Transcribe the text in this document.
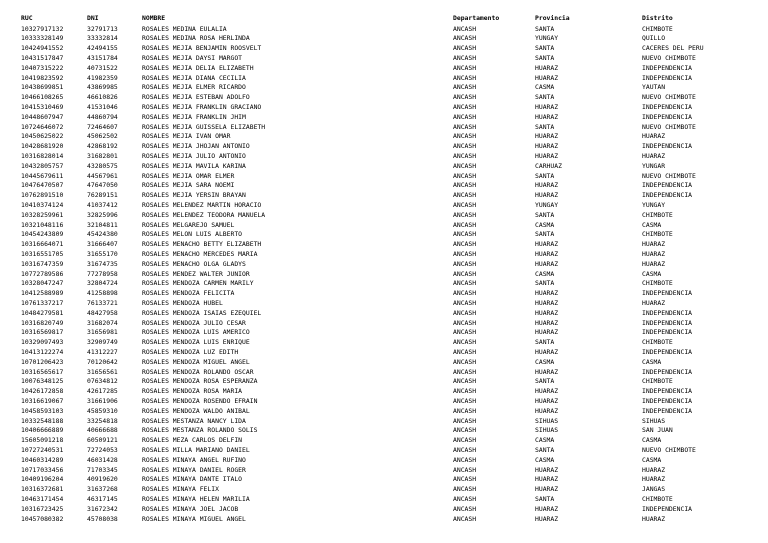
RUC	DNI	NOMBRE	Departamento	Provincia	Distrito
10327917132	32791713	ROSALES MEDINA EULALIA	ANCASH	SANTA	CHIMBOTE
10333328149	33332814	ROSALES MEDINA ROSA HERLINDA	ANCASH	YUNGAY	QUILLO
10424941552	42494155	ROSALES MEJIA BENJAMIN ROOSVELT	ANCASH	SANTA	CACERES DEL PERU
10431517847	43151784	ROSALES MEJIA DAYSI MARGOT	ANCASH	SANTA	NUEVO CHIMBOTE
10407315222	40731522	ROSALES MEJIA DELIA ELIZABETH	ANCASH	HUARAZ	INDEPENDENCIA
10419823592	41982359	ROSALES MEJIA DIANA CECILIA	ANCASH	HUARAZ	INDEPENDENCIA
10438699851	43869985	ROSALES MEJIA ELMER RICARDO	ANCASH	CASMA	YAUTAN
10466108265	46610826	ROSALES MEJIA ESTEBAN ADOLFO	ANCASH	SANTA	NUEVO CHIMBOTE
10415310469	41531046	ROSALES MEJIA FRANKLIN GRACIANO	ANCASH	HUARAZ	INDEPENDENCIA
10448607947	44860794	ROSALES MEJIA FRANKLIN JHIM	ANCASH	HUARAZ	INDEPENDENCIA
10724646072	72464607	ROSALES MEJIA GUISSELA ELIZABETH	ANCASH	SANTA	NUEVO CHIMBOTE
10450625022	45062502	ROSALES MEJIA IVAN OMAR	ANCASH	HUARAZ	HUARAZ
10428681920	42868192	ROSALES MEJIA JHOJAN ANTONIO	ANCASH	HUARAZ	INDEPENDENCIA
10316828014	31682801	ROSALES MEJIA JULIO ANTONIO	ANCASH	HUARAZ	HUARAZ
10432805757	43280575	ROSALES MEJIA MAVILA KARINA	ANCASH	CARHUAZ	YUNGAR
10445679611	44567961	ROSALES MEJIA OMAR ELMER	ANCASH	SANTA	NUEVO CHIMBOTE
10476470507	47647050	ROSALES MEJIA SARA NOEMI	ANCASH	HUARAZ	INDEPENDENCIA
10762891510	76289151	ROSALES MEJIA YERSIN BRAYAN	ANCASH	HUARAZ	INDEPENDENCIA
10410374124	41037412	ROSALES MELENDEZ MARTIN HORACIO	ANCASH	YUNGAY	YUNGAY
10328259961	32825996	ROSALES MELENDEZ TEODORA MANUELA	ANCASH	SANTA	CHIMBOTE
10321048116	32104811	ROSALES MELGAREJO SAMUEL	ANCASH	CASMA	CASMA
10454243809	45424380	ROSALES MELON LUIS ALBERTO	ANCASH	SANTA	CHIMBOTE
10316664071	31666407	ROSALES MENACHO BETTY ELIZABETH	ANCASH	HUARAZ	HUARAZ
10316551705	31655170	ROSALES MENACHO MERCEDES MARIA	ANCASH	HUARAZ	HUARAZ
10316747359	31674735	ROSALES MENACHO OLGA GLADYS	ANCASH	HUARAZ	HUARAZ
10772789586	77278958	ROSALES MENDEZ WALTER JUNIOR	ANCASH	CASMA	CASMA
10328047247	32804724	ROSALES MENDOZA CARMEN MARILY	ANCASH	SANTA	CHIMBOTE
10412588989	41258898	ROSALES MENDOZA FELICITA	ANCASH	HUARAZ	INDEPENDENCIA
10761337217	76133721	ROSALES MENDOZA HUBEL	ANCASH	HUARAZ	HUARAZ
10484279581	48427958	ROSALES MENDOZA ISAIAS EZEQUIEL	ANCASH	HUARAZ	INDEPENDENCIA
10316820749	31682074	ROSALES MENDOZA JULIO CESAR	ANCASH	HUARAZ	INDEPENDENCIA
10316569817	31656981	ROSALES MENDOZA LUIS AMERICO	ANCASH	HUARAZ	INDEPENDENCIA
10329097493	32909749	ROSALES MENDOZA LUIS ENRIQUE	ANCASH	SANTA	CHIMBOTE
10413122274	41312227	ROSALES MENDOZA LUZ EDITH	ANCASH	HUARAZ	INDEPENDENCIA
10701206423	70120642	ROSALES MENDOZA MIGUEL ANGEL	ANCASH	CASMA	CASMA
10316565617	31656561	ROSALES MENDOZA ROLANDO OSCAR	ANCASH	HUARAZ	INDEPENDENCIA
10076348125	07634812	ROSALES MENDOZA ROSA ESPERANZA	ANCASH	SANTA	CHIMBOTE
10426172858	42617285	ROSALES MENDOZA ROSA MARIA	ANCASH	HUARAZ	INDEPENDENCIA
10316619067	31661906	ROSALES MENDOZA ROSENDO EFRAIN	ANCASH	HUARAZ	INDEPENDENCIA
10458593103	45859310	ROSALES MENDOZA WALDO ANIBAL	ANCASH	HUARAZ	INDEPENDENCIA
10332548188	33254818	ROSALES MESTANZA NANCY LIDA	ANCASH	SIHUAS	SIHUAS
10406666889	40666688	ROSALES MESTANZA ROLANDO SOLIS	ANCASH	SIHUAS	SAN JUAN
15605091218	60509121	ROSALES MEZA CARLOS DELFIN	ANCASH	CASMA	CASMA
10727240531	72724053	ROSALES MILLA MARIANO DANIEL	ANCASH	SANTA	NUEVO CHIMBOTE
10460314289	46031428	ROSALES MINAYA ANGEL RUFINO	ANCASH	CASMA	CASMA
10717033456	71703345	ROSALES MINAYA DANIEL ROGER	ANCASH	HUARAZ	HUARAZ
10409196204	40919620	ROSALES MINAYA DANTE ITALO	ANCASH	HUARAZ	HUARAZ
10316372681	31637268	ROSALES MINAYA FELIX	ANCASH	HUARAZ	JANGAS
10463171454	46317145	ROSALES MINAYA HELEN MARILIA	ANCASH	SANTA	CHIMBOTE
10316723425	31672342	ROSALES MINAYA JOEL JACOB	ANCASH	HUARAZ	INDEPENDENCIA
10457080382	45708038	ROSALES MINAYA MIGUEL ANGEL	ANCASH	HUARAZ	HUARAZ
